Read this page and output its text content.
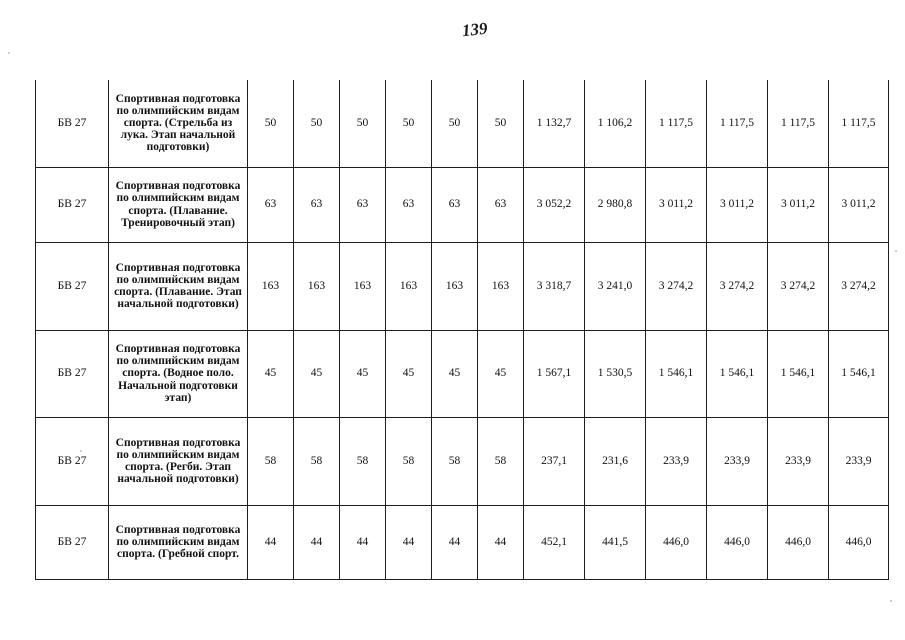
139
БВ 27	Спортивная подготовка по олимпийским видам спорта. (Стрельба из лука. Этап начальной подготовки)	50	50	50	50	50	50	1 132,7	1 106,2	1 117,5	1 117,5	1 117,5	1 117,5
БВ 27	Спортивная подготовка по олимпийским видам спорта. (Плавание. Тренировочный этап)	63	63	63	63	63	63	3 052,2	2 980,8	3 011,2	3 011,2	3 011,2	3 011,2
БВ 27	Спортивная подготовка по олимпийским видам спорта. (Плавание. Этап начальной подготовки)	163	163	163	163	163	163	3 318,7	3 241,0	3 274,2	3 274,2	3 274,2	3 274,2
БВ 27	Спортивная подготовка по олимпийским видам спорта. (Водное поло. Начальной подготовки этап)	45	45	45	45	45	45	1 567,1	1 530,5	1 546,1	1 546,1	1 546,1	1 546,1
БВ 27	Спортивная подготовка по олимпийским видам спорта. (Регби. Этап начальной подготовки)	58	58	58	58	58	58	237,1	231,6	233,9	233,9	233,9	233,9
БВ 27	Спортивная подготовка по олимпийским видам спорта. (Гребной спорт.	44	44	44	44	44	44	452,1	441,5	446,0	446,0	446,0	446,0
